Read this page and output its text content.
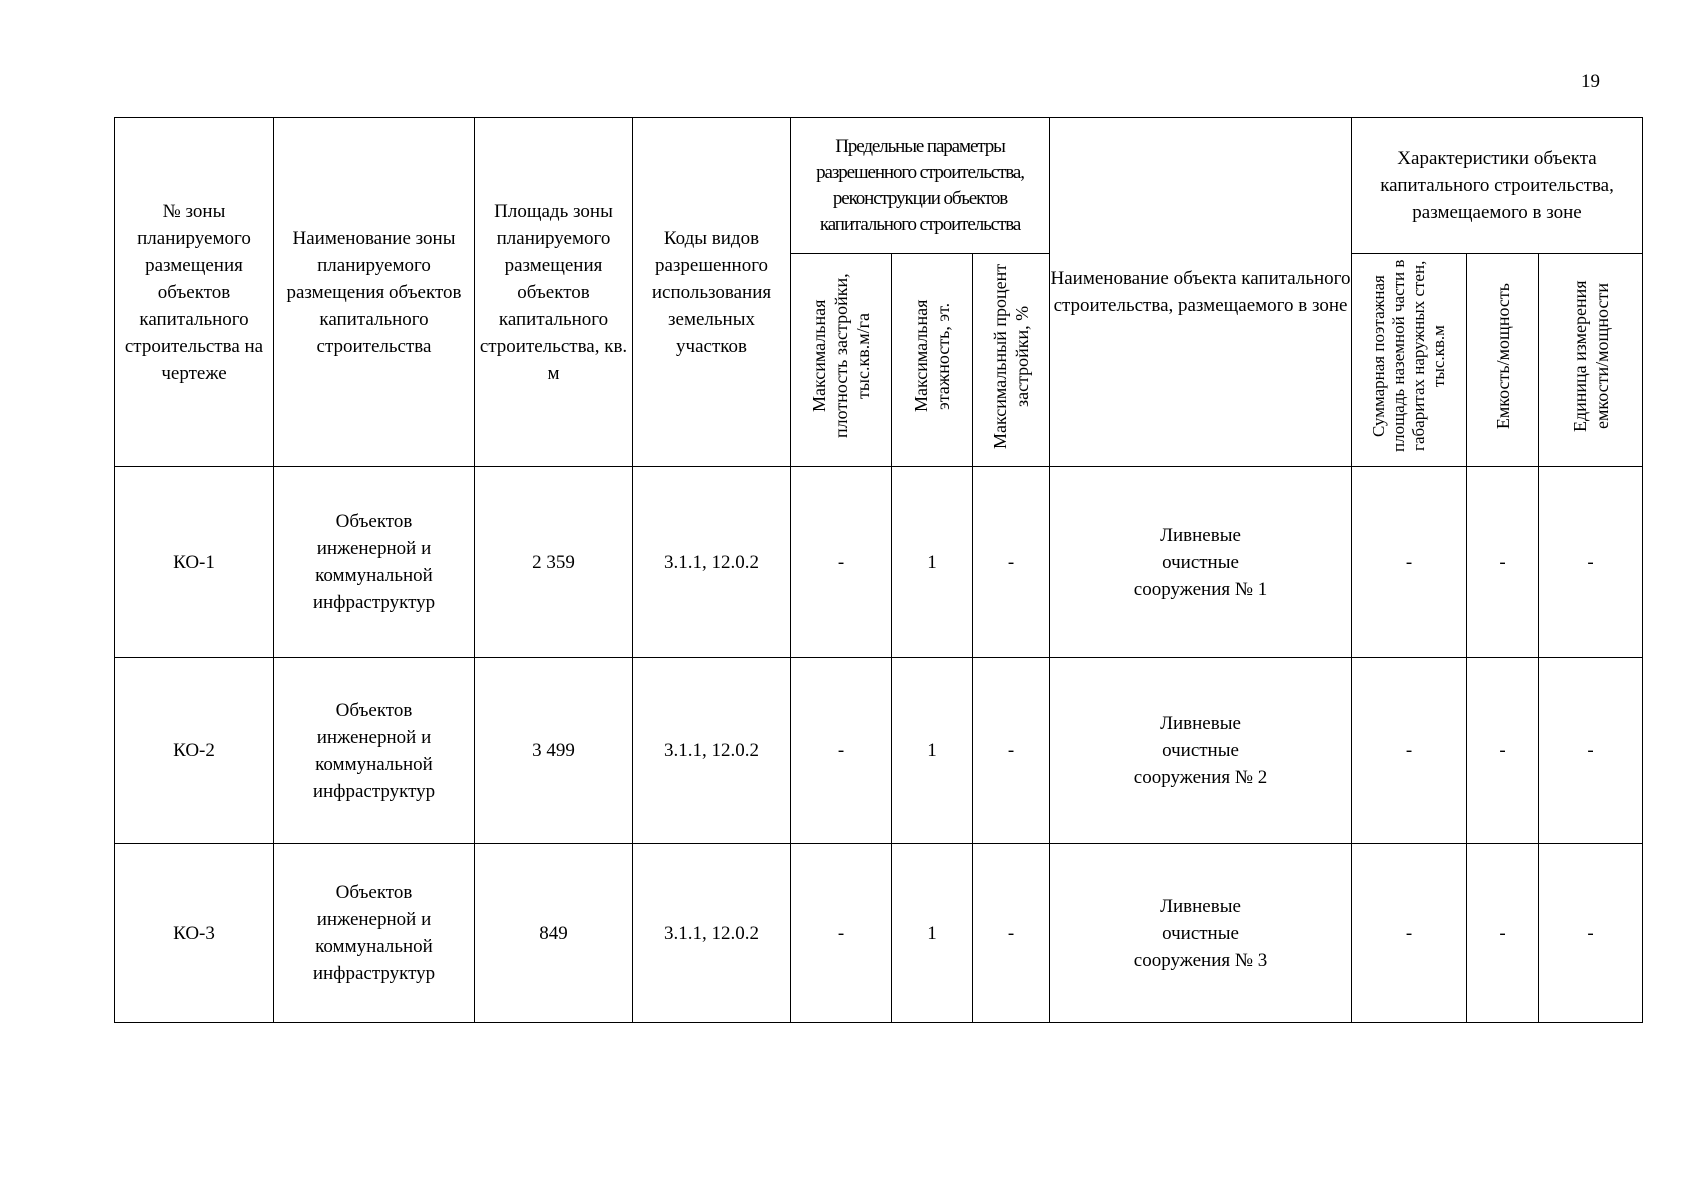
19
№ зоны планируемого размещения объектов капитального строительства на чертеже	Наименование зоны планируемого размещения объектов капитального строительства	Площадь зоны планируемого размещения объектов капитального строительства, кв. м	Коды видов разрешенного использования земельных участков	Предельные параметры разрешенного строительства, реконструкции объектов капитального строительства			Наименование объекта капитального строительства, размещаемого в зоне	Характеристики объекта капитального строительства, размещаемого в зоне		
				Максимальная плотность застройки, тыс.кв.м/га	Максимальная этажность, эт.	Максимальный процент застройки, %		Суммарная поэтажная площадь наземной части в габаритах наружных стен, тыс.кв.м	Емкость/мощность	Единица измерения емкости/мощности
КО-1	Объектов инженерной и коммунальной инфраструктур	2 359	3.1.1, 12.0.2	-	1	-	Ливневые очистные сооружения № 1	-	-	-
КО-2	Объектов инженерной и коммунальной инфраструктур	3 499	3.1.1, 12.0.2	-	1	-	Ливневые очистные сооружения № 2	-	-	-
КО-3	Объектов инженерной и коммунальной инфраструктур	849	3.1.1, 12.0.2	-	1	-	Ливневые очистные сооружения № 3	-	-	-
